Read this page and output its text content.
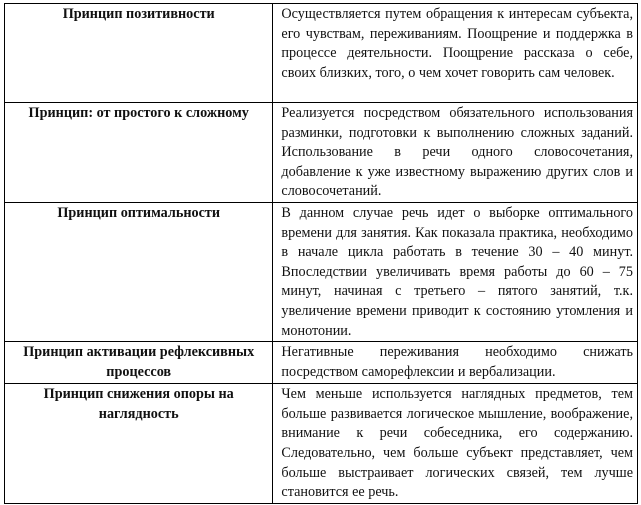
Принцип позитивности	Осуществляется путем обращения к интересам субъекта, его чувствам, переживаниям. Поощрение и поддержка в процессе деятельности. Поощрение рассказа о себе, своих близких, того, о чем хочет говорить сам человек.
Принцип: от простого к сложному	Реализуется посредством обязательного использования разминки, подготовки к выполнению сложных заданий. Использование в речи одного словосочетания, добавление к уже известному выражению других слов и словосочетаний.
Принцип оптимальности	В данном случае речь идет о выборке оптимального времени для занятия. Как показала практика, необходимо в начале цикла работать в течение 30 – 40 минут. Впоследствии увеличивать время работы до 60 – 75 минут, начиная с третьего – пятого занятий, т.к. увеличение времени приводит к состоянию утомления и монотонии.
Принцип активации рефлексивных процессов	Негативные переживания необходимо снижать посредством саморефлексии и вербализации.
Принцип снижения опоры на наглядность	Чем меньше используется наглядных предметов, тем больше развивается логическое мышление, воображение, внимание к речи собеседника, его содержанию. Следовательно, чем больше субъект представляет, чем больше выстраивает логических связей, тем лучше становится ее речь.
